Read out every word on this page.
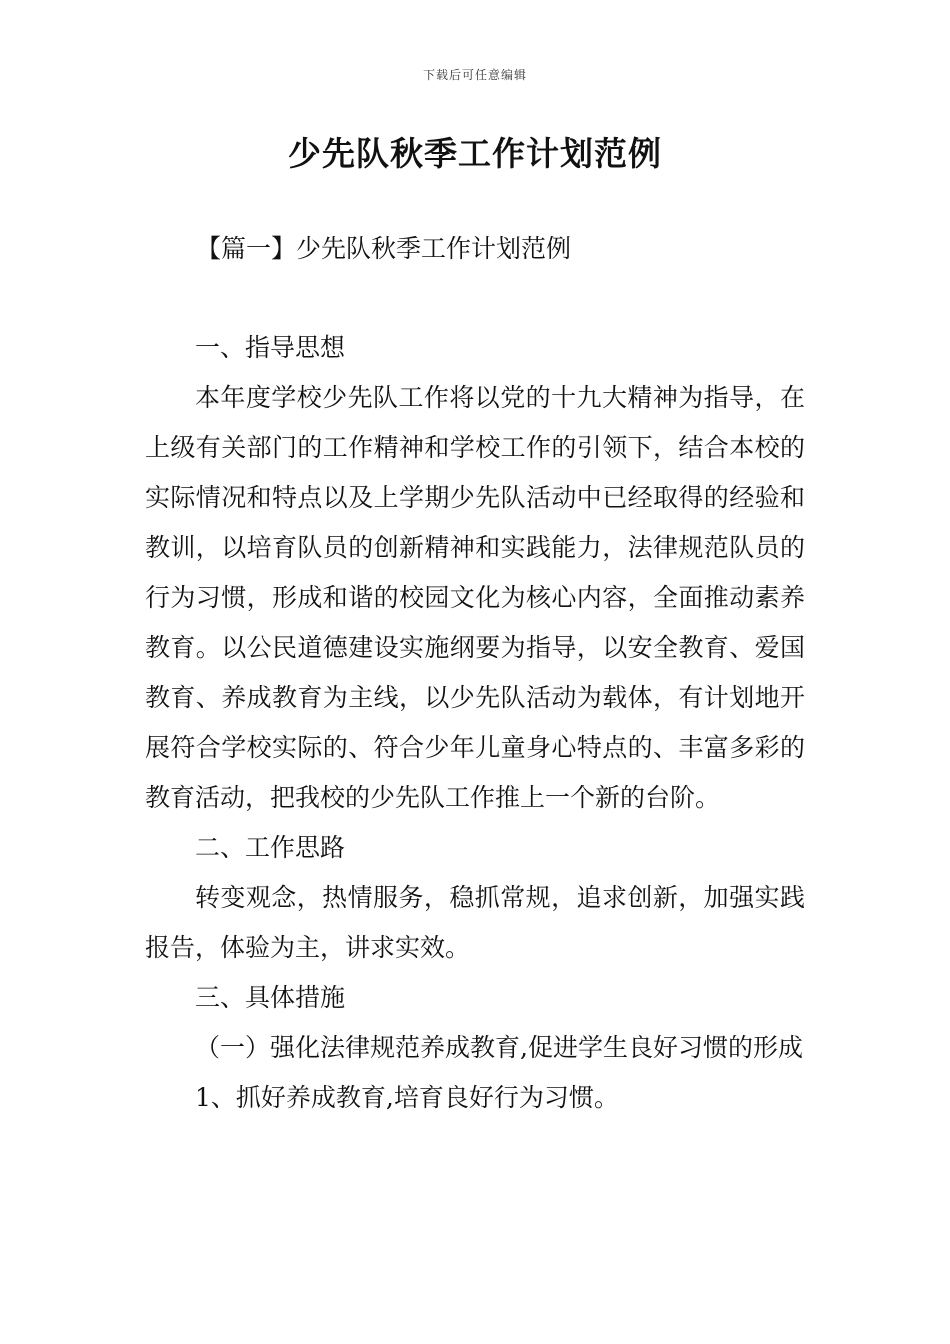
下载后可任意编辑
少先队秋季工作计划范例
【篇一】少先队秋季工作计划范例

一、指导思想

本年度学校少先队工作将以党的十九大精神为指导，在上级有关部门的工作精神和学校工作的引领下，结合本校的实际情况和特点以及上学期少先队活动中已经取得的经验和教训，以培育队员的创新精神和实践能力，法律规范队员的行为习惯，形成和谐的校园文化为核心内容，全面推动素养教育。以公民道德建设实施纲要为指导，以安全教育、爱国教育、养成教育为主线，以少先队活动为载体，有计划地开展符合学校实际的、符合少年儿童身心特点的、丰富多彩的教育活动，把我校的少先队工作推上一个新的台阶。

二、工作思路

转变观念，热情服务，稳抓常规，追求创新，加强实践报告，体验为主，讲求实效。

三、具体措施

（一）强化法律规范养成教育,促进学生良好习惯的形成

1、抓好养成教育,培育良好行为习惯。
